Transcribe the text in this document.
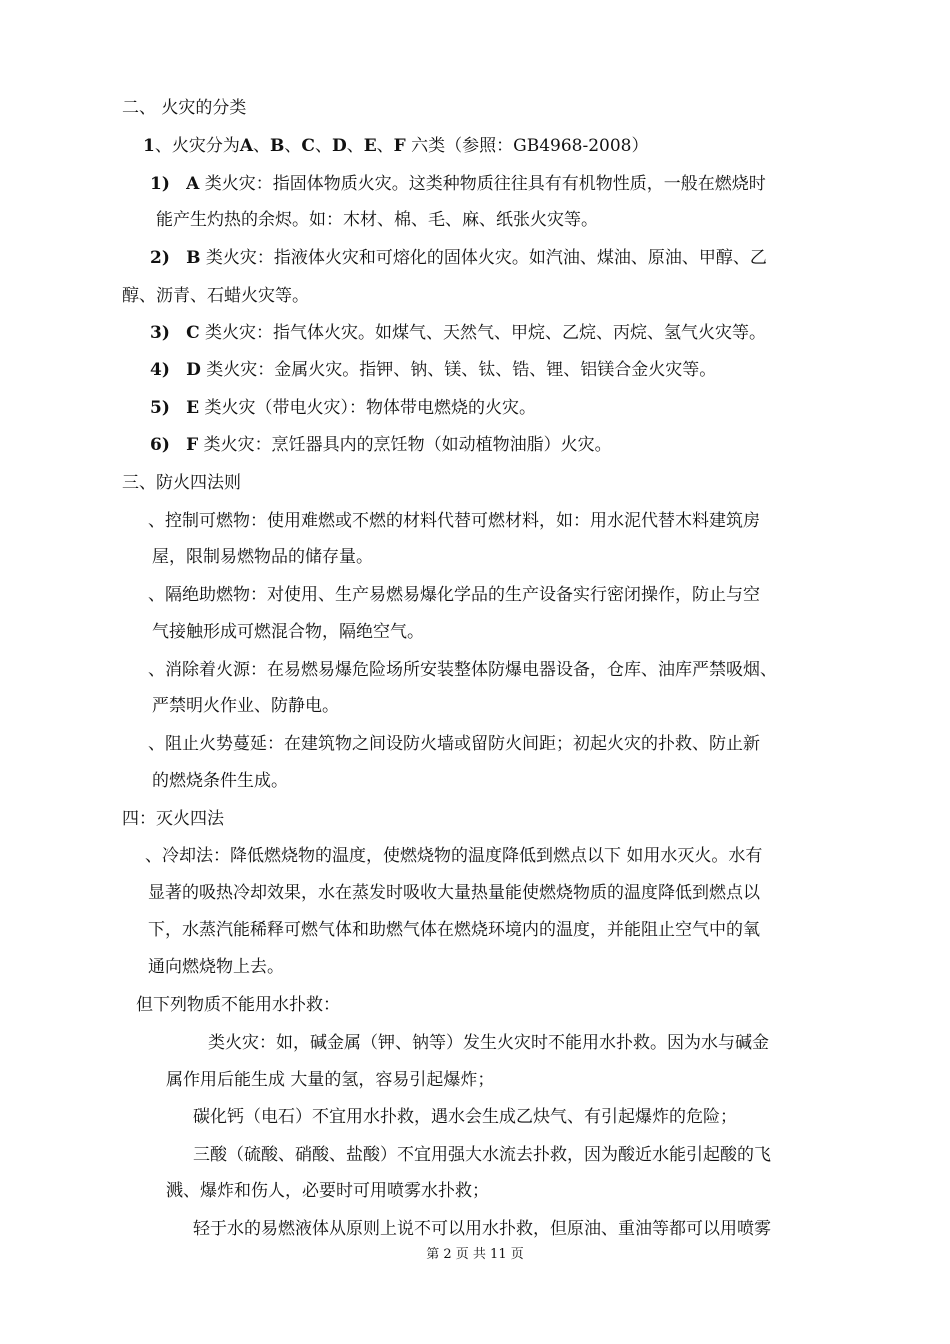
二、 火灾的分类
1、火灾分为A、B、C、D、E、F 六类（参照：GB4968-2008）
1) A 类火灾：指固体物质火灾。这类种物质往往具有有机物性质，一般在燃烧时
能产生灼热的余烬。如：木材、棉、毛、麻、纸张火灾等。
2) B 类火灾：指液体火灾和可熔化的固体火灾。如汽油、煤油、原油、甲醇、乙
醇、沥青、石蜡火灾等。
3) C 类火灾：指气体火灾。如煤气、天然气、甲烷、乙烷、丙烷、氢气火灾等。
4) D 类火灾：金属火灾。指钾、钠、镁、钛、锆、锂、铝镁合金火灾等。
5) E 类火灾（带电火灾）：物体带电燃烧的火灾。
6) F 类火灾：烹饪器具内的烹饪物（如动植物油脂）火灾。
三、防火四法则
、控制可燃物：使用难燃或不燃的材料代替可燃材料，如：用水泥代替木料建筑房
屋，限制易燃物品的储存量。
、隔绝助燃物：对使用、生产易燃易爆化学品的生产设备实行密闭操作，防止与空
气接触形成可燃混合物，隔绝空气。
、消除着火源：在易燃易爆危险场所安装整体防爆电器设备，仓库、油库严禁吸烟、
严禁明火作业、防静电。
、阻止火势蔓延：在建筑物之间设防火墙或留防火间距；初起火灾的扑救、防止新
的燃烧条件生成。
四：灭火四法
、冷却法：降低燃烧物的温度，使燃烧物的温度降低到燃点以下 如用水灭火。水有
显著的吸热冷却效果，水在蒸发时吸收大量热量能使燃烧物质的温度降低到燃点以
下，水蒸汽能稀释可燃气体和助燃气体在燃烧环境内的温度，并能阻止空气中的氧
通向燃烧物上去。
但下列物质不能用水扑救：
类火灾：如，碱金属（钾、钠等）发生火灾时不能用水扑救。因为水与碱金
属作用后能生成 大量的氢，容易引起爆炸；
碳化钙（电石）不宜用水扑救，遇水会生成乙炔气、有引起爆炸的危险；
三酸（硫酸、硝酸、盐酸）不宜用强大水流去扑救，因为酸近水能引起酸的飞
溅、爆炸和伤人，必要时可用喷雾水扑救；
轻于水的易燃液体从原则上说不可以用水扑救，但原油、重油等都可以用喷雾
第 2 页 共 11 页
